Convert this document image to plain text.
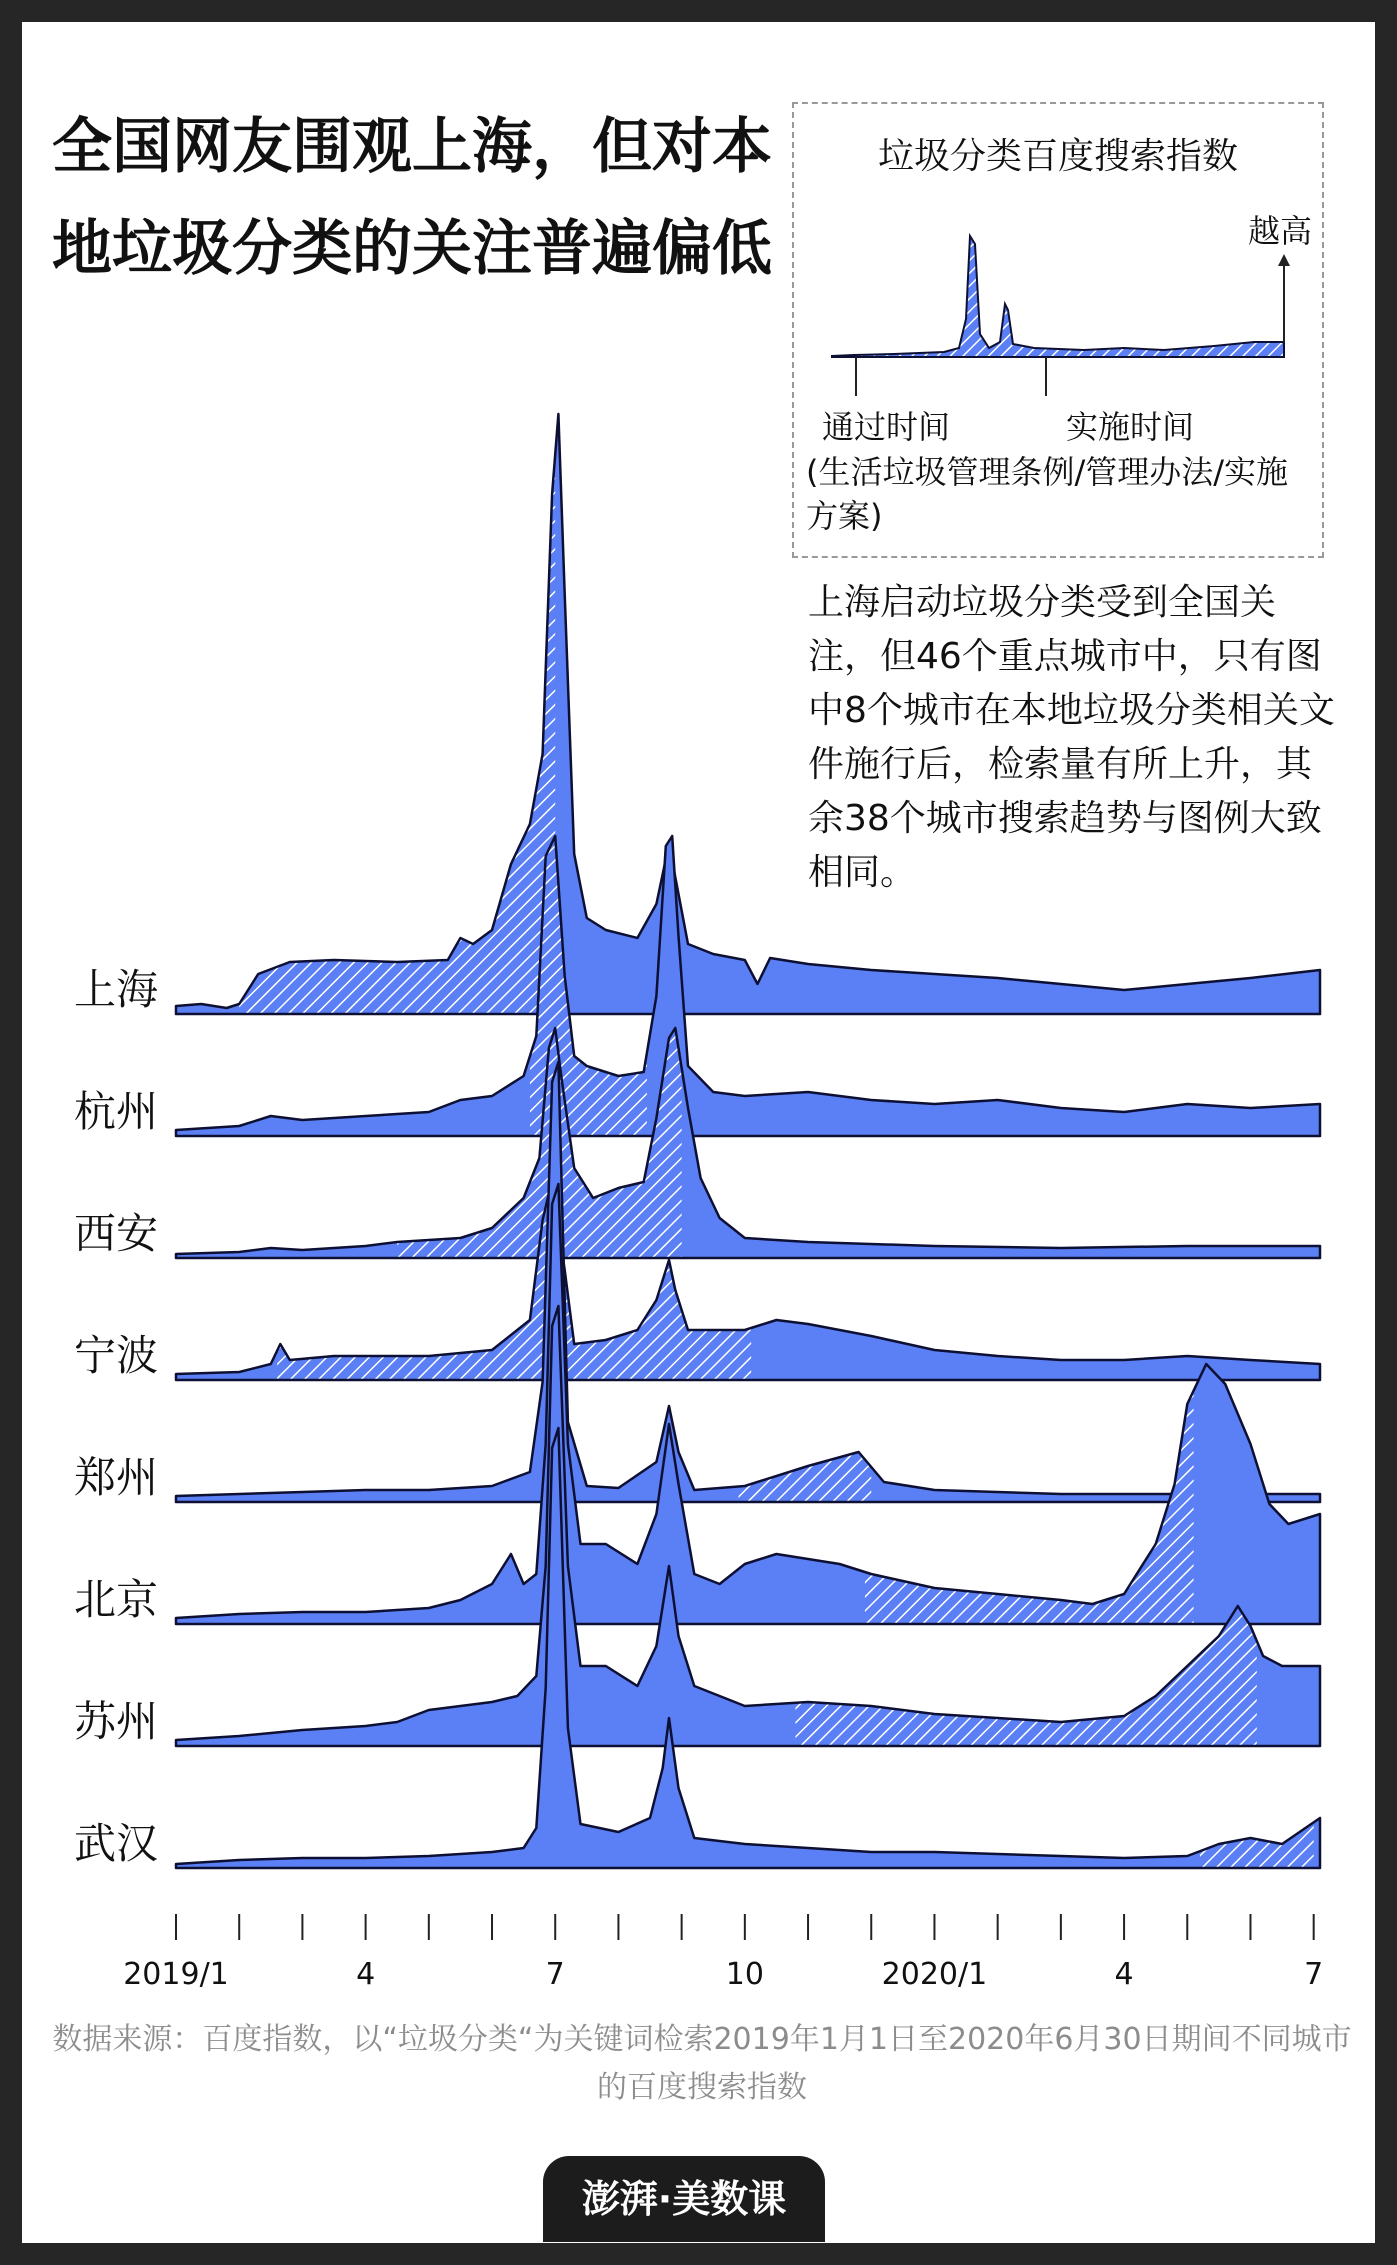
全国网友围观上海，但对本地垃圾分类的关注普遍偏低
垃圾分类百度搜索指数
越高
通过时间	实施时间
(生活垃圾管理条例/管理办法/实施方案)

上海启动垃圾分类受到全国关注，但46个重点城市中，只有图中8个城市在本地垃圾分类相关文件施行后，检索量有所上升，其余38个城市搜索趋势与图例大致相同。

上海
杭州
西安
宁波
郑州
北京
苏州
武汉
2019/1	4	7	10	2020/1	4	7

数据来源：百度指数，以“垃圾分类“为关键词检索2019年1月1日至2020年6月30日期间不同城市的百度搜索指数

澎湃·美数课
